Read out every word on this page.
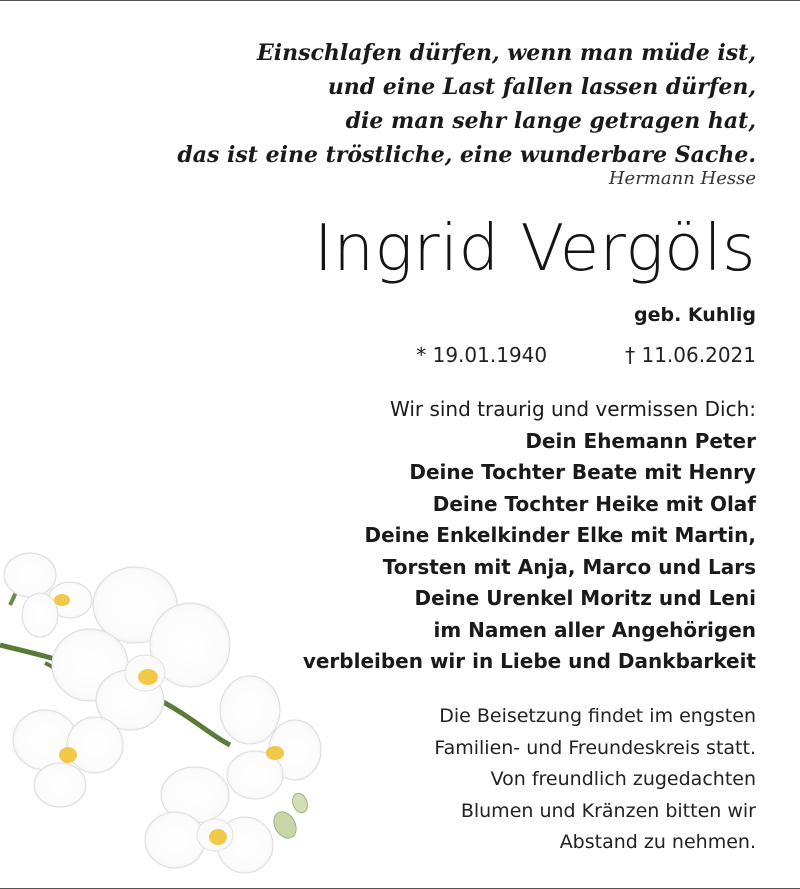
Einschlafen dürfen, wenn man müde ist,
und eine Last fallen lassen dürfen,
die man sehr lange getragen hat,
das ist eine tröstliche, eine wunderbare Sache.
Hermann Hesse
Ingrid Vergöls
geb. Kuhlig
* 19.01.1940	† 11.06.2021
Wir sind traurig und vermissen Dich:
Dein Ehemann Peter
Deine Tochter Beate mit Henry
Deine Tochter Heike mit Olaf
Deine Enkelkinder Elke mit Martin,
Torsten mit Anja, Marco und Lars
Deine Urenkel Moritz und Leni
im Namen aller Angehörigen
verbleiben wir in Liebe und Dankbarkeit
Die Beisetzung findet im engsten
Familien- und Freundeskreis statt.
Von freundlich zugedachten
Blumen und Kränzen bitten wir
Abstand zu nehmen.
